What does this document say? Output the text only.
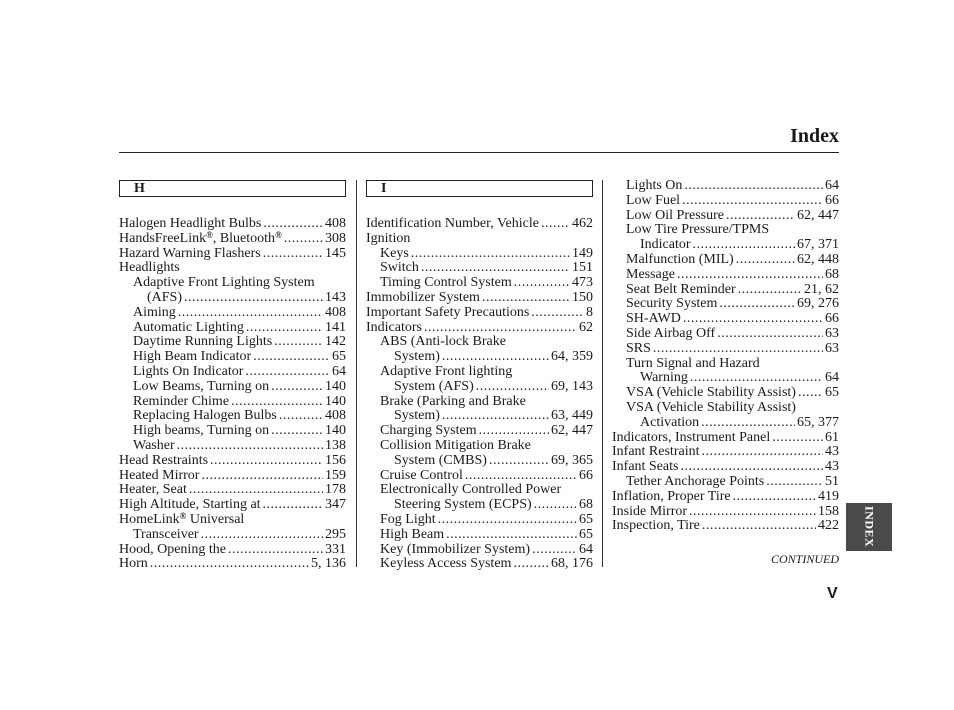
Index
H
Halogen Headlight Bulbs .....	408
HandsFreeLink®, Bluetooth® .....	308
Hazard Warning Flashers .....	145
Headlights
Adaptive Front Lighting System
(AFS) .....	143
Aiming .....	408
Automatic Lighting .....	141
Daytime Running Lights .....	142
High Beam Indicator .....	65
Lights On Indicator .....	64
Low Beams, Turning on .....	140
Reminder Chime .....	140
Replacing Halogen Bulbs .....	408
High beams, Turning on .....	140
Washer .....	138
Head Restraints .....	156
Heated Mirror .....	159
Heater, Seat .....	178
High Altitude, Starting at .....	347
HomeLink® Universal
Transceiver .....	295
Hood, Opening the .....	331
Horn .....	5, 136
I
Identification Number, Vehicle ..... 462
Ignition
Keys .....	149
Switch .....	151
Timing Control System .....	473
Immobilizer System .....	150
Important Safety Precautions .....	8
Indicators .....	62
ABS (Anti-lock Brake
System) .....	64, 359
Adaptive Front lighting
System (AFS) .....	69, 143
Brake (Parking and Brake
System) .....	63, 449
Charging System .....	62, 447
Collision Mitigation Brake
System (CMBS) .....	69, 365
Cruise Control .....	66
Electronically Controlled Power
Steering System (ECPS) .....	68
Fog Light .....	65
High Beam .....	65
Key (Immobilizer System) .....	64
Keyless Access System .....	68, 176
Lights On .....	64
Low Fuel .....	66
Low Oil Pressure .....	62, 447
Low Tire Pressure/TPMS
Indicator .....	67, 371
Malfunction (MIL) .....	62, 448
Message .....	68
Seat Belt Reminder .....	21, 62
Security System .....	69, 276
SH-AWD .....	66
Side Airbag Off .....	63
SRS .....	63
Turn Signal and Hazard
Warning .....	64
VSA (Vehicle Stability Assist) ..... 65
VSA (Vehicle Stability Assist)
Activation .....	65, 377
Indicators, Instrument Panel .....	61
Infant Restraint .....	43
Infant Seats .....	43
Tether Anchorage Points .....	51
Inflation, Proper Tire .....	419
Inside Mirror .....	158
Inspection, Tire .....	422
CONTINUED
V
INDEX
